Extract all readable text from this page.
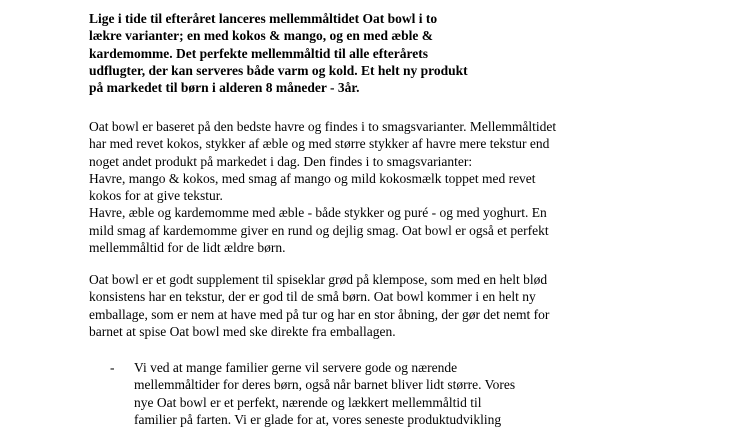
Lige i tide til efteråret lanceres mellemmåltidet Oat bowl i to
lækre varianter; en med kokos & mango, og en med æble &
kardemomme. Det perfekte mellemmåltid til alle efterårets
udflugter, der kan serveres både varm og kold. Et helt ny produkt
på markedet til børn i alderen 8 måneder - 3år.

Oat bowl er baseret på den bedste havre og findes i to smagsvarianter. Mellemmåltidet
har med revet kokos, stykker af æble og med større stykker af havre mere tekstur end
noget andet produkt på markedet i dag. Den findes i to smagsvarianter:
Havre, mango & kokos, med smag af mango og mild kokosmælk toppet med revet
kokos for at give tekstur.
Havre, æble og kardemomme med æble - både stykker og puré - og med yoghurt. En
mild smag af kardemomme giver en rund og dejlig smag. Oat bowl er også et perfekt
mellemmåltid for de lidt ældre børn.

Oat bowl er et godt supplement til spiseklar grød på klempose, som med en helt blød
konsistens har en tekstur, der er god til de små børn. Oat bowl kommer i en helt ny
emballage, som er nem at have med på tur og har en stor åbning, der gør det nemt for
barnet at spise Oat bowl med ske direkte fra emballagen.

- Vi ved at mange familier gerne vil servere gode og nærende
mellemmåltider for deres børn, også når barnet bliver lidt større. Vores
nye Oat bowl er et perfekt, nærende og lækkert mellemmåltid til
familier på farten. Vi er glade for at, vores seneste produktudvikling
